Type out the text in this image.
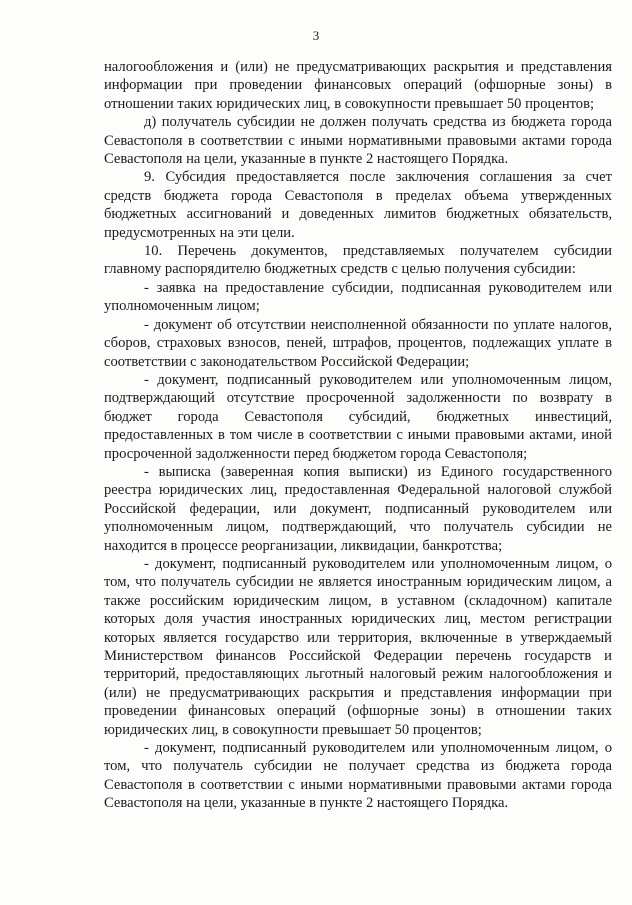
3

налогообложения и (или) не предусматривающих раскрытия и представления информации при проведении финансовых операций (офшорные зоны) в отношении таких юридических лиц, в совокупности превышает 50 процентов;

д) получатель субсидии не должен получать средства из бюджета города Севастополя в соответствии с иными нормативными правовыми актами города Севастополя на цели, указанные в пункте 2 настоящего Порядка.

9. Субсидия предоставляется после заключения соглашения за счет средств бюджета города Севастополя в пределах объема утвержденных бюджетных ассигнований и доведенных лимитов бюджетных обязательств, предусмотренных на эти цели.

10. Перечень документов, представляемых получателем субсидии главному распорядителю бюджетных средств с целью получения субсидии:

- заявка на предоставление субсидии, подписанная руководителем или уполномоченным лицом;

- документ об отсутствии неисполненной обязанности по уплате налогов, сборов, страховых взносов, пеней, штрафов, процентов, подлежащих уплате в соответствии с законодательством Российской Федерации;

- документ, подписанный руководителем или уполномоченным лицом, подтверждающий отсутствие просроченной задолженности по возврату в бюджет города Севастополя субсидий, бюджетных инвестиций, предоставленных в том числе в соответствии с иными правовыми актами, иной просроченной задолженности перед бюджетом города Севастополя;

- выписка (заверенная копия выписки) из Единого государственного реестра юридических лиц, предоставленная Федеральной налоговой службой Российской федерации, или документ, подписанный руководителем или уполномоченным лицом, подтверждающий, что получатель субсидии не находится в процессе реорганизации, ликвидации, банкротства;

- документ, подписанный руководителем или уполномоченным лицом, о том, что получатель субсидии не является иностранным юридическим лицом, а также российским юридическим лицом, в уставном (складочном) капитале которых доля участия иностранных юридических лиц, местом регистрации которых является государство или территория, включенные в утверждаемый Министерством финансов Российской Федерации перечень государств и территорий, предоставляющих льготный налоговый режим налогообложения и (или) не предусматривающих раскрытия и представления информации при проведении финансовых операций (офшорные зоны) в отношении таких юридических лиц, в совокупности превышает 50 процентов;

- документ, подписанный руководителем или уполномоченным лицом, о том, что получатель субсидии не получает средства из бюджета города Севастополя в соответствии с иными нормативными правовыми актами города Севастополя на цели, указанные в пункте 2 настоящего Порядка.
